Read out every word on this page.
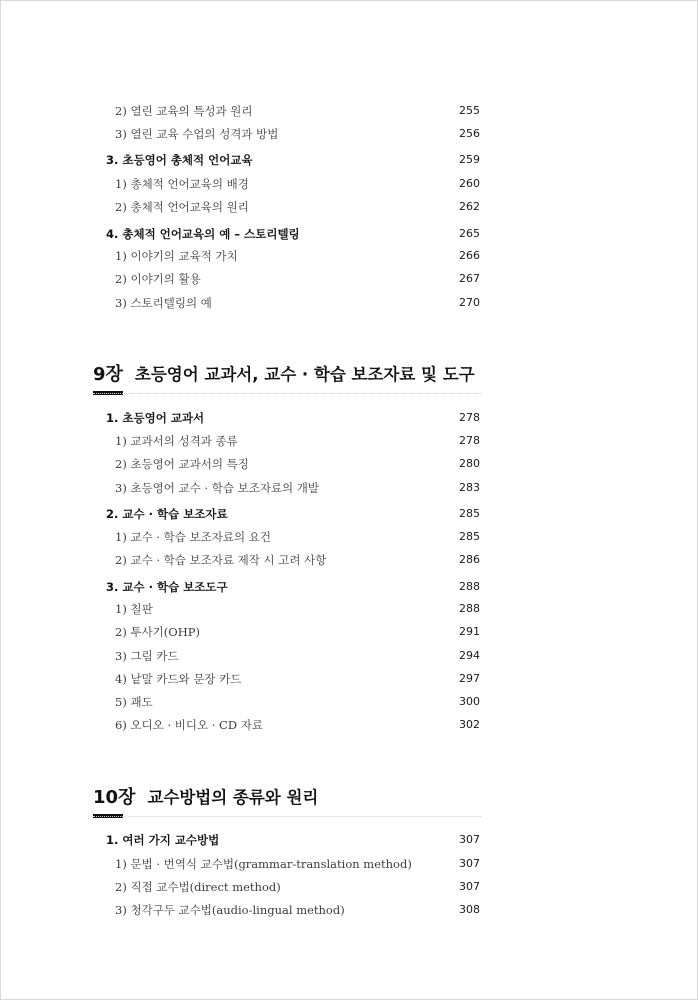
2) 열린 교육의 특성과 원리	255
3) 열린 교육 수업의 성격과 방법	256
3. 초등영어 총체적 언어교육	259
1) 총체적 언어교육의 배경	260
2) 총체적 언어교육의 원리	262
4. 총체적 언어교육의 예 – 스토리텔링	265
1) 이야기의 교육적 가치	266
2) 이야기의 활용	267
3) 스토리텔링의 예	270
9장 초등영어 교과서, 교수 · 학습 보조자료 및 도구
1. 초등영어 교과서	278
1) 교과서의 성격과 종류	278
2) 초등영어 교과서의 특징	280
3) 초등영어 교수 · 학습 보조자료의 개발	283
2. 교수 · 학습 보조자료	285
1) 교수 · 학습 보조자료의 요건	285
2) 교수 · 학습 보조자료 제작 시 고려 사항	286
3. 교수 · 학습 보조도구	288
1) 칠판	288
2) 투사기(OHP)	291
3) 그림 카드	294
4) 낱말 카드와 문장 카드	297
5) 괘도	300
6) 오디오 · 비디오 · CD 자료	302
10장 교수방법의 종류와 원리
1. 여러 가지 교수방법	307
1) 문법 · 번역식 교수법(grammar-translation method)	307
2) 직접 교수법(direct method)	307
3) 청각구두 교수법(audio-lingual method)	308
